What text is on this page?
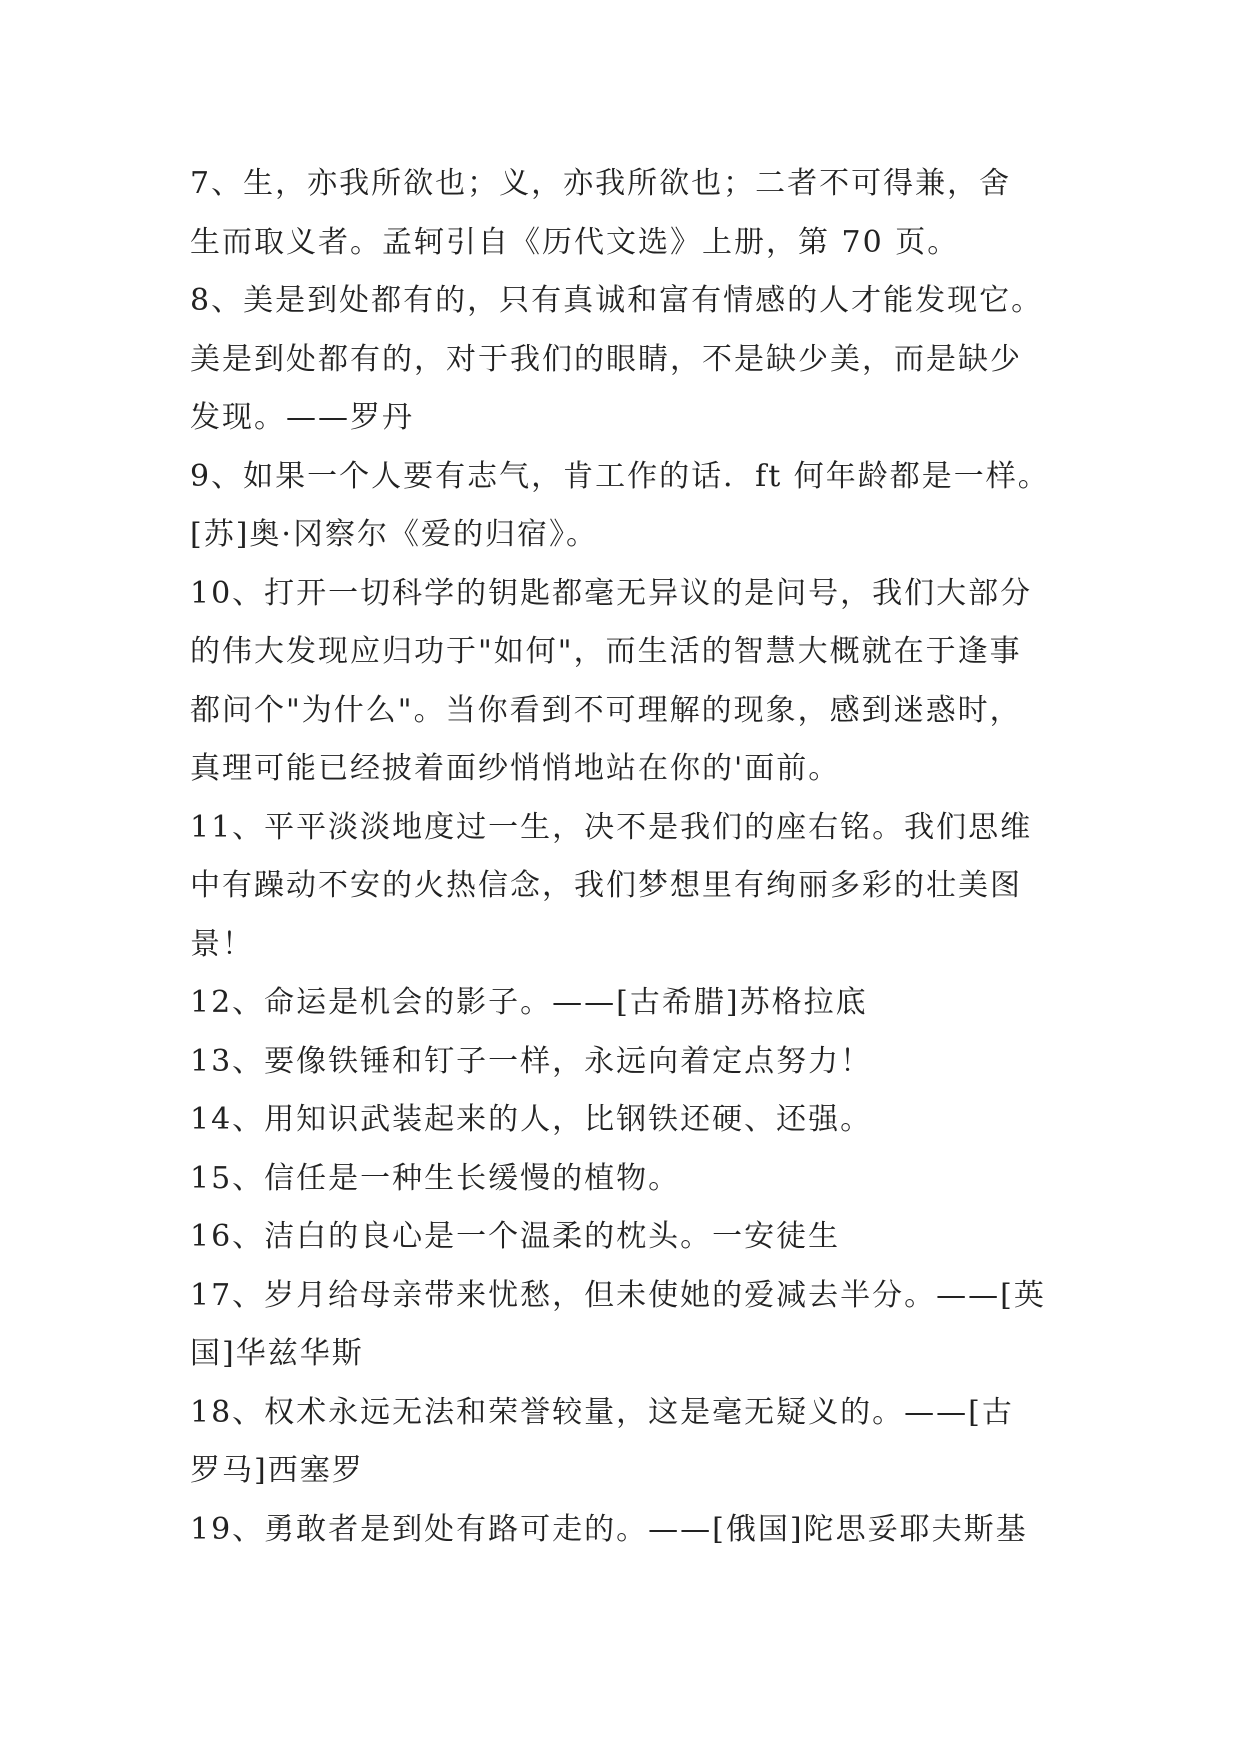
7、生，亦我所欲也；义，亦我所欲也；二者不可得兼，舍
生而取义者。孟轲引自《历代文选》上册，第 70 页。
8、美是到处都有的，只有真诚和富有情感的人才能发现它。
美是到处都有的，对于我们的眼睛，不是缺少美，而是缺少
发现。——罗丹
9、如果一个人要有志气，肯工作的话．ft 何年龄都是一样。
[苏]奥·冈察尔《爱的归宿》。
10、打开一切科学的钥匙都毫无异议的是问号，我们大部分
的伟大发现应归功于"如何"，而生活的智慧大概就在于逢事
都问个"为什么"。当你看到不可理解的现象，感到迷惑时，
真理可能已经披着面纱悄悄地站在你的'面前。
11、平平淡淡地度过一生，决不是我们的座右铭。我们思维
中有躁动不安的火热信念，我们梦想里有绚丽多彩的壮美图
景！
12、命运是机会的影子。——[古希腊]苏格拉底
13、要像铁锤和钉子一样，永远向着定点努力！
14、用知识武装起来的人，比钢铁还硬、还强。
15、信任是一种生长缓慢的植物。
16、洁白的良心是一个温柔的枕头。一安徒生
17、岁月给母亲带来忧愁，但未使她的爱减去半分。——[英
国]华兹华斯
18、权术永远无法和荣誉较量，这是毫无疑义的。——[古
罗马]西塞罗
19、勇敢者是到处有路可走的。——[俄国]陀思妥耶夫斯基
